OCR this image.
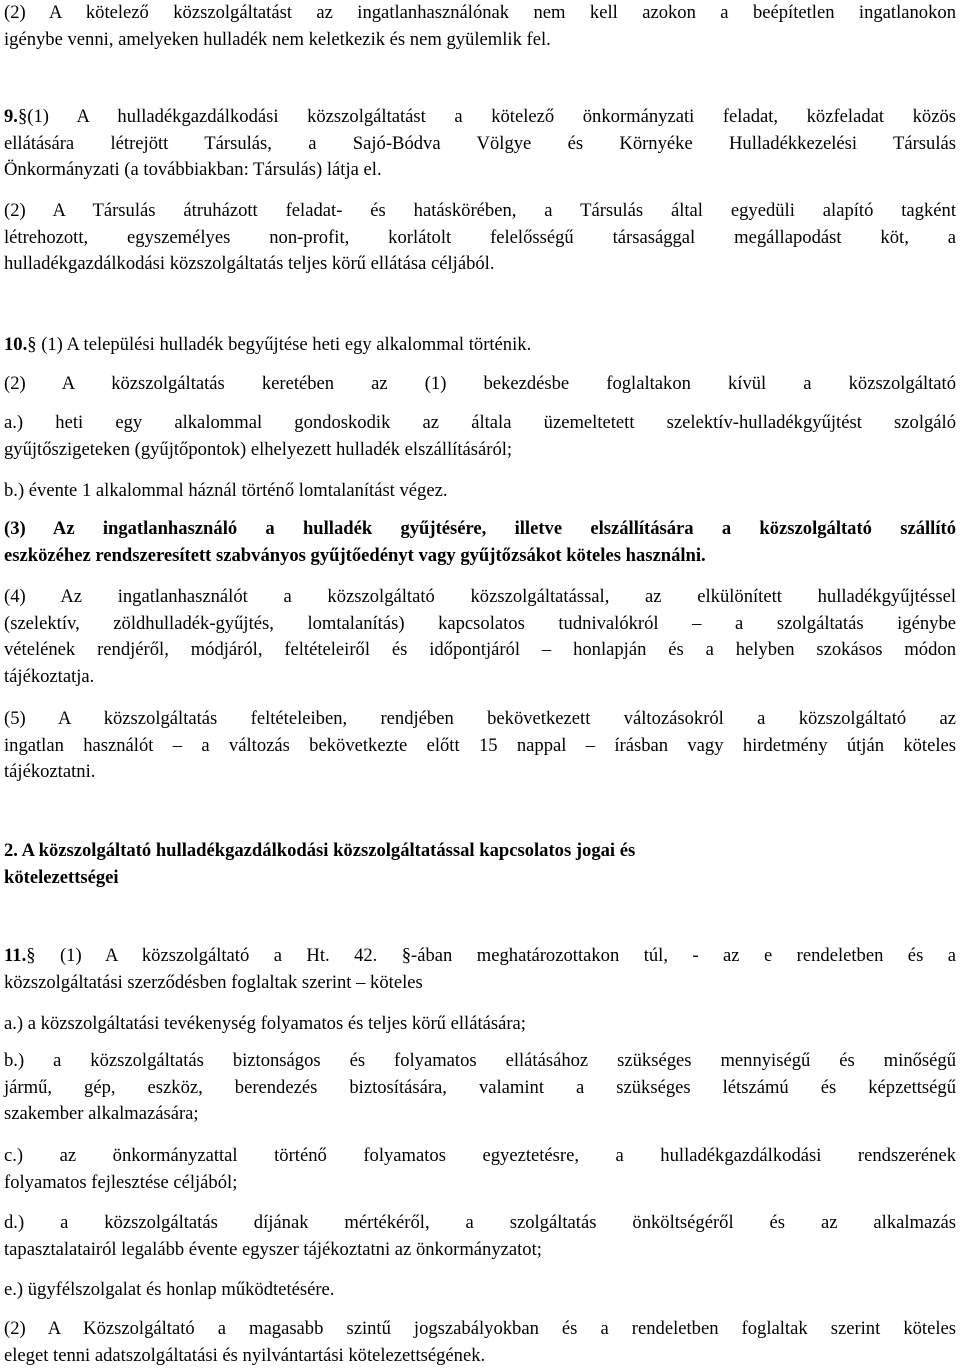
(2) A kötelező közszolgáltatást az ingatlanhasználónak nem kell azokon a beépítetlen ingatlanokon
igénybe venni, amelyeken hulladék nem keletkezik és nem gyülemlik fel.
9.§(1) A hulladékgazdálkodási közszolgáltatást a kötelező önkormányzati feladat, közfeladat közös
ellátására létrejött Társulás, a Sajó-Bódva Völgye és Környéke Hulladékkezelési Társulás
Önkormányzati (a továbbiakban: Társulás) látja el.
(2) A Társulás átruházott feladat- és hatáskörében, a Társulás által egyedüli alapító tagként
létrehozott, egyszemélyes non-profit, korlátolt felelősségű társasággal megállapodást köt, a
hulladékgazdálkodási közszolgáltatás teljes körű ellátása céljából.
10.§ (1) A települési hulladék begyűjtése heti egy alkalommal történik.
(2) A közszolgáltatás keretében az (1) bekezdésbe foglaltakon kívül a közszolgáltató
a.) heti egy alkalommal gondoskodik az általa üzemeltetett szelektív-hulladékgyűjtést szolgáló
gyűjtőszigeteken (gyűjtőpontok) elhelyezett hulladék elszállításáról;
b.) évente 1 alkalommal háznál történő lomtalanítást végez.
(3) Az ingatlanhasználó a hulladék gyűjtésére, illetve elszállítására a közszolgáltató szállító
eszközéhez rendszeresített szabványos gyűjtőedényt vagy gyűjtőzsákot köteles használni.
(4) Az ingatlanhasználót a közszolgáltató közszolgáltatással, az elkülönített hulladékgyűjtéssel
(szelektív, zöldhulladék-gyűjtés, lomtalanítás) kapcsolatos tudnivalókról – a szolgáltatás igénybe
vételének rendjéről, módjáról, feltételeiről és időpontjáról – honlapján és a helyben szokásos módon
tájékoztatja.
(5) A közszolgáltatás feltételeiben, rendjében bekövetkezett változásokról a közszolgáltató az
ingatlan használót – a változás bekövetkezte előtt 15 nappal – írásban vagy hirdetmény útján köteles
tájékoztatni.
2. A közszolgáltató hulladékgazdálkodási közszolgáltatással kapcsolatos jogai és
kötelezettségei
11.§ (1) A közszolgáltató a Ht. 42. §-ában meghatározottakon túl, - az e rendeletben és a
közszolgáltatási szerződésben foglaltak szerint – köteles
a.) a közszolgáltatási tevékenység folyamatos és teljes körű ellátására;
b.) a közszolgáltatás biztonságos és folyamatos ellátásához szükséges mennyiségű és minőségű
jármű, gép, eszköz, berendezés biztosítására, valamint a szükséges létszámú és képzettségű
szakember alkalmazására;
c.) az önkormányzattal történő folyamatos egyeztetésre, a hulladékgazdálkodási rendszerének
folyamatos fejlesztése céljából;
d.) a közszolgáltatás díjának mértékéről, a szolgáltatás önköltségéről és az alkalmazás
tapasztalatairól legalább évente egyszer tájékoztatni az önkormányzatot;
e.) ügyfélszolgalat és honlap működtetésére.
(2) A Közszolgáltató a magasabb szintű jogszabályokban és a rendeletben foglaltak szerint köteles
eleget tenni adatszolgáltatási és nyilvántartási kötelezettségének.
